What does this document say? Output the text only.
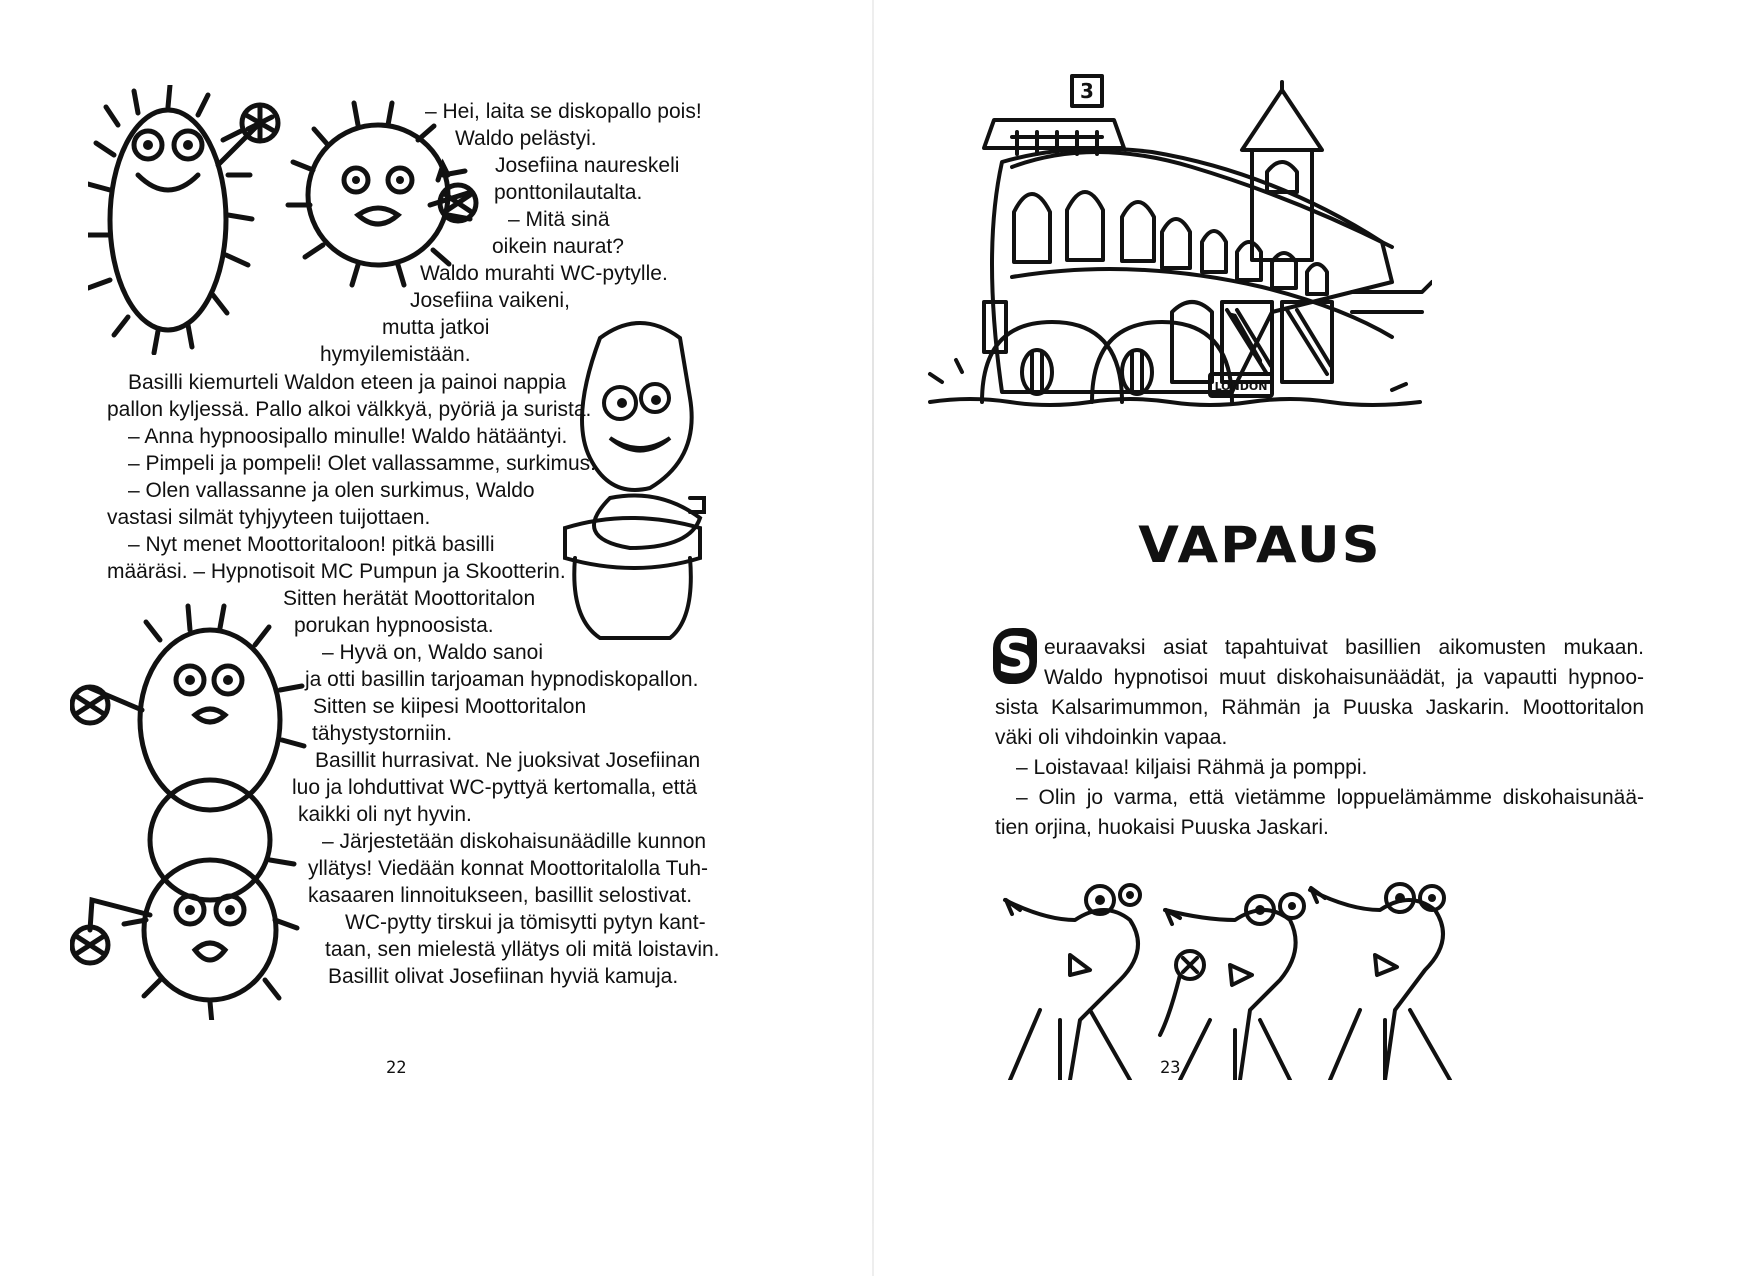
– Hei, laita se diskopallo pois!
Waldo pelästyi.
Josefiina naureskeli
ponttonilautalta.
– Mitä sinä
oikein naurat?
Waldo murahti WC-pytylle.
Josefiina vaikeni,
mutta jatkoi
hymyilemistään.
Basilli kiemurteli Waldon eteen ja painoi nappia
pallon kyljessä. Pallo alkoi välkkyä, pyöriä ja surista.
– Anna hypnoosipallo minulle! Waldo hätääntyi.
– Pimpeli ja pompeli! Olet vallassamme, surkimus.
– Olen vallassanne ja olen surkimus, Waldo
vastasi silmät tyhjyyteen tuijottaen.
– Nyt menet Moottoritaloon! pitkä basilli
määräsi. – Hypnotisoit MC Pumpun ja Skootterin.
Sitten herätät Moottoritalon
porukan hypnoosista.
– Hyvä on, Waldo sanoi
ja otti basillin tarjoaman hypnodiskopallon.
Sitten se kiipesi Moottoritalon
tähystystorniin.
Basillit hurrasivat. Ne juoksivat Josefiinan
luo ja lohduttivat WC-pyttyä kertomalla, että
kaikki oli nyt hyvin.
– Järjestetään diskohaisunäädille kunnon
yllätys! Viedään konnat Moottoritalolla Tuh-
kasaaren linnoitukseen, basillit selostivat.
WC-pytty tirskui ja tömisytti pytyn kant-
taan, sen mielestä yllätys oli mitä loistavin.
Basillit olivat Josefiinan hyviä kamuja.
22
3
LONDON
VAPAUS
S euraavaksi asiat tapahtuivat basillien aikomusten mukaan.
Waldo hypnotisoi muut diskohaisunäädät, ja vapautti hypnoo-
sista Kalsarimummon, Rähmän ja Puuska Jaskarin. Moottoritalon
väki oli vihdoinkin vapaa.
– Loistavaa! kiljaisi Rähmä ja pomppi.
– Olin jo varma, että vietämme loppuelämämme diskohaisunää-
tien orjina, huokaisi Puuska Jaskari.
23
